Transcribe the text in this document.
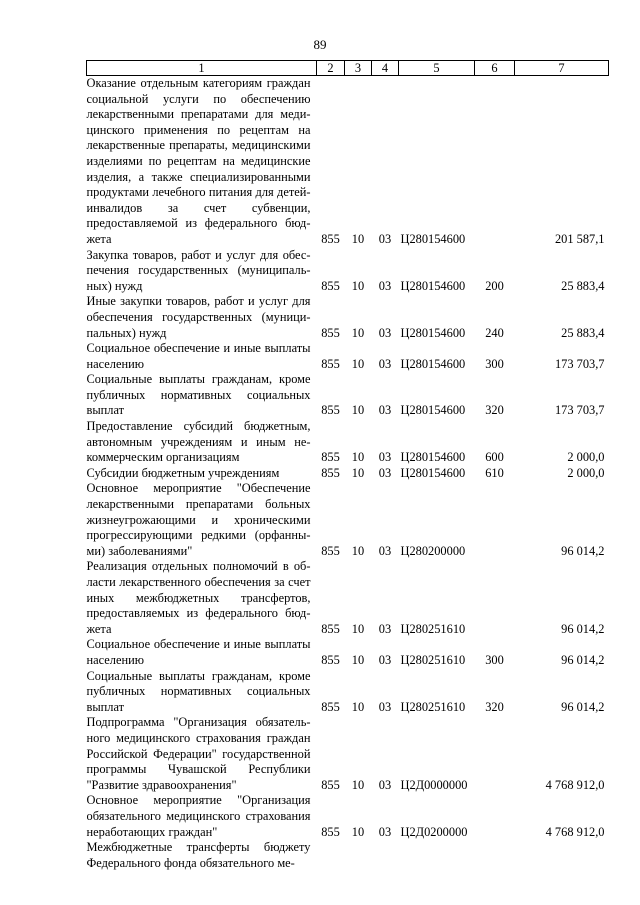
89
1	2	3	4	5	6	7
Оказание отдельным категориям граждан социальной услуги по обеспечению лекарственными препаратами для медицинского применения по рецептам на лекарственные препараты, медицинскими изделиями по рецептам на медицинские изделия, а также специализированными продуктами лечебного питания для детей-инвалидов за счет субвенции, предоставляемой из федерального бюджета	855	10	03	Ц280154600		201 587,1
Закупка товаров, работ и услуг для обеспечения государственных (муниципальных) нужд	855	10	03	Ц280154600	200	25 883,4
Иные закупки товаров, работ и услуг для обеспечения государственных (муниципальных) нужд	855	10	03	Ц280154600	240	25 883,4
Социальное обеспечение и иные выплаты населению	855	10	03	Ц280154600	300	173 703,7
Социальные выплаты гражданам, кроме публичных нормативных социальных выплат	855	10	03	Ц280154600	320	173 703,7
Предоставление субсидий бюджетным, автономным учреждениям и иным некоммерческим организациям	855	10	03	Ц280154600	600	2 000,0
Субсидии бюджетным учреждениям	855	10	03	Ц280154600	610	2 000,0
Основное мероприятие "Обеспечение лекарственными препаратами больных жизнеугрожающими и хроническими прогрессирующими редкими (орфанными) заболеваниями"	855	10	03	Ц280200000		96 014,2
Реализация отдельных полномочий в области лекарственного обеспечения за счет иных межбюджетных трансфертов, предоставляемых из федерального бюджета	855	10	03	Ц280251610		96 014,2
Социальное обеспечение и иные выплаты населению	855	10	03	Ц280251610	300	96 014,2
Социальные выплаты гражданам, кроме публичных нормативных социальных выплат	855	10	03	Ц280251610	320	96 014,2
Подпрограмма "Организация обязательного медицинского страхования граждан Российской Федерации" государственной программы Чувашской Республики "Развитие здравоохранения"	855	10	03	Ц2Д0000000		4 768 912,0
Основное мероприятие "Организация обязательного медицинского страхования неработающих граждан"	855	10	03	Ц2Д0200000		4 768 912,0
Межбюджетные трансферты бюджету Федерального фонда обязательного ме-						
